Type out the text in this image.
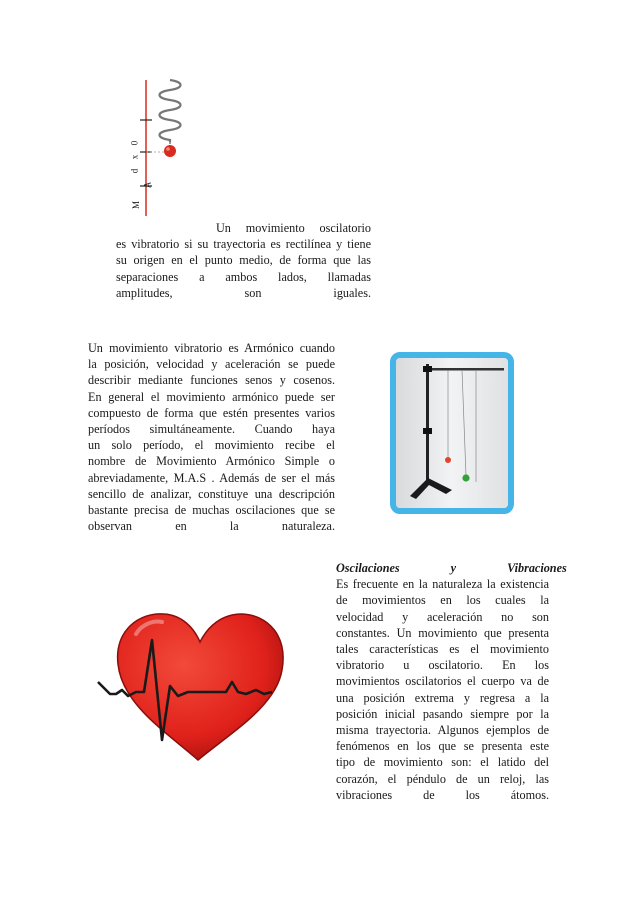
0
x
d
A
M
Un movimiento oscilatorio
es vibratorio si su trayectoria es rectilínea y tiene
su origen en el punto medio, de forma que las
separaciones a ambos lados, llamadas
amplitudes, son iguales.
Un movimiento vibratorio es Armónico cuando
la posición, velocidad y aceleración se puede
describir mediante funciones senos y cosenos.
En general el movimiento armónico puede ser
compuesto de forma que estén presentes varios
períodos simultáneamente. Cuando haya
un solo período, el movimiento recibe el
nombre de Movimiento Armónico Simple o
abreviadamente, M.A.S . Además de ser el más
sencillo de analizar, constituye una descripción
bastante precisa de muchas oscilaciones que se
observan en la naturaleza.
Oscilaciones y Vibraciones
Es frecuente en la naturaleza la existencia
de movimientos en los cuales la
velocidad y aceleración no son
constantes. Un movimiento que presenta
tales características es el movimiento
vibratorio u oscilatorio. En los
movimientos oscilatorios el cuerpo va de
una posición extrema y regresa a la
posición inicial pasando siempre por la
misma trayectoria. Algunos ejemplos de
fenómenos en los que se presenta este
tipo de movimiento son: el latido del
corazón, el péndulo de un reloj, las
vibraciones de los átomos.
